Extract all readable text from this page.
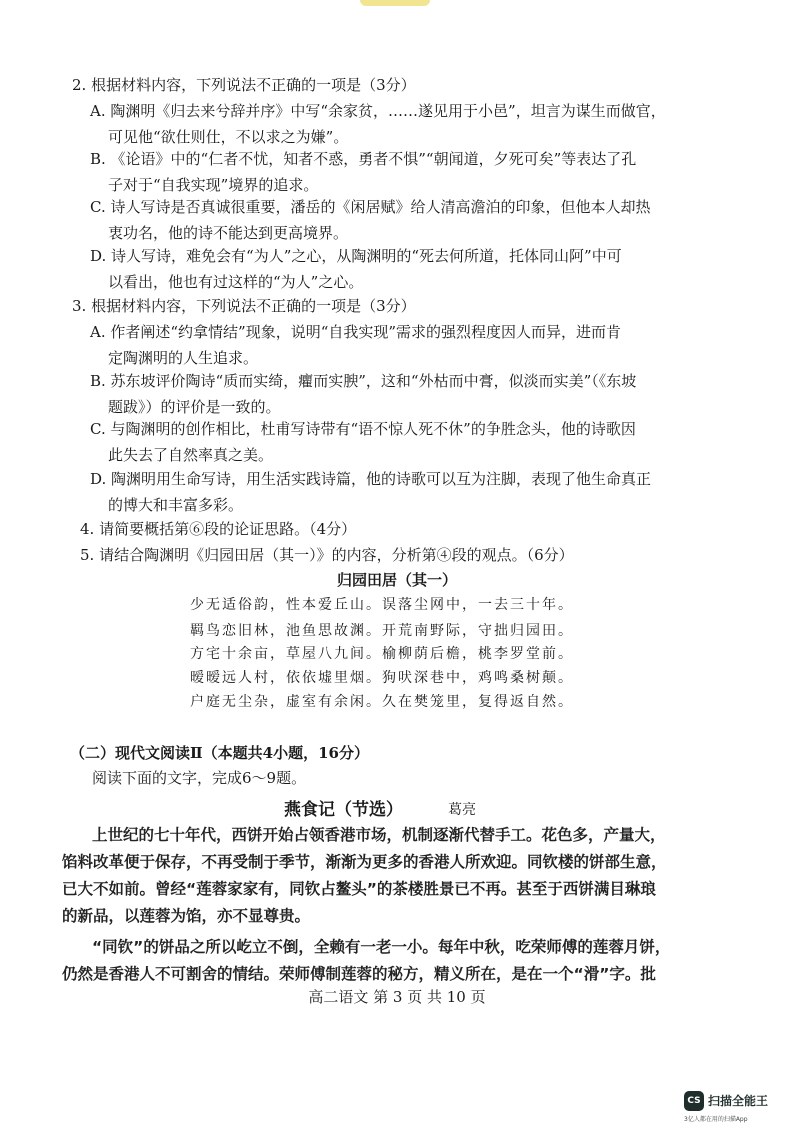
2. 根据材料内容，下列说法不正确的一项是（3分）
A. 陶渊明《归去来兮辞并序》中写“余家贫，……遂见用于小邑”，坦言为谋生而做官，
可见他“欲仕则仕，不以求之为嫌”。
B. 《论语》中的“仁者不忧，知者不惑，勇者不惧”“朝闻道，夕死可矣”等表达了孔
子对于“自我实现”境界的追求。
C. 诗人写诗是否真诚很重要，潘岳的《闲居赋》给人清高澹泊的印象，但他本人却热
衷功名，他的诗不能达到更高境界。
D. 诗人写诗，难免会有“为人”之心，从陶渊明的“死去何所道，托体同山阿”中可
以看出，他也有过这样的“为人”之心。
3. 根据材料内容，下列说法不正确的一项是（3分）
A. 作者阐述“约拿情结”现象，说明“自我实现”需求的强烈程度因人而异，进而肯
定陶渊明的人生追求。
B. 苏东坡评价陶诗“质而实绮，癯而实腴”，这和“外枯而中膏，似淡而实美”（《东坡
题跋》）的评价是一致的。
C. 与陶渊明的创作相比，杜甫写诗带有“语不惊人死不休”的争胜念头，他的诗歌因
此失去了自然率真之美。
D. 陶渊明用生命写诗，用生活实践诗篇，他的诗歌可以互为注脚，表现了他生命真正
的博大和丰富多彩。
4. 请简要概括第⑥段的论证思路。（4分）
5. 请结合陶渊明《归园田居（其一）》的内容，分析第④段的观点。（6分）
归园田居（其一）
少无适俗韵，性本爱丘山。误落尘网中，一去三十年。
羁鸟恋旧林，池鱼思故渊。开荒南野际，守拙归园田。
方宅十余亩，草屋八九间。榆柳荫后檐，桃李罗堂前。
暧暧远人村，依依墟里烟。狗吠深巷中，鸡鸣桑树颠。
户庭无尘杂，虚室有余闲。久在樊笼里，复得返自然。
（二）现代文阅读Ⅱ（本题共4小题，16分）
阅读下面的文字，完成6～9题。
燕食记（节选）	葛亮
上世纪的七十年代，西饼开始占领香港市场，机制逐渐代替手工。花色多，产量大，
馅料改革便于保存，不再受制于季节，渐渐为更多的香港人所欢迎。同钦楼的饼部生意，
已大不如前。曾经“莲蓉家家有，同钦占鳌头”的茶楼胜景已不再。甚至于西饼满目琳琅
的新品，以莲蓉为馅，亦不显尊贵。
“同钦”的饼品之所以屹立不倒，全赖有一老一小。每年中秋，吃荣师傅的莲蓉月饼，
仍然是香港人不可割舍的情结。荣师傅制莲蓉的秘方，精义所在，是在一个“滑”字。批
高二语文 第 3 页 共 10 页
CS 扫描全能王
3亿人都在用的扫描App
